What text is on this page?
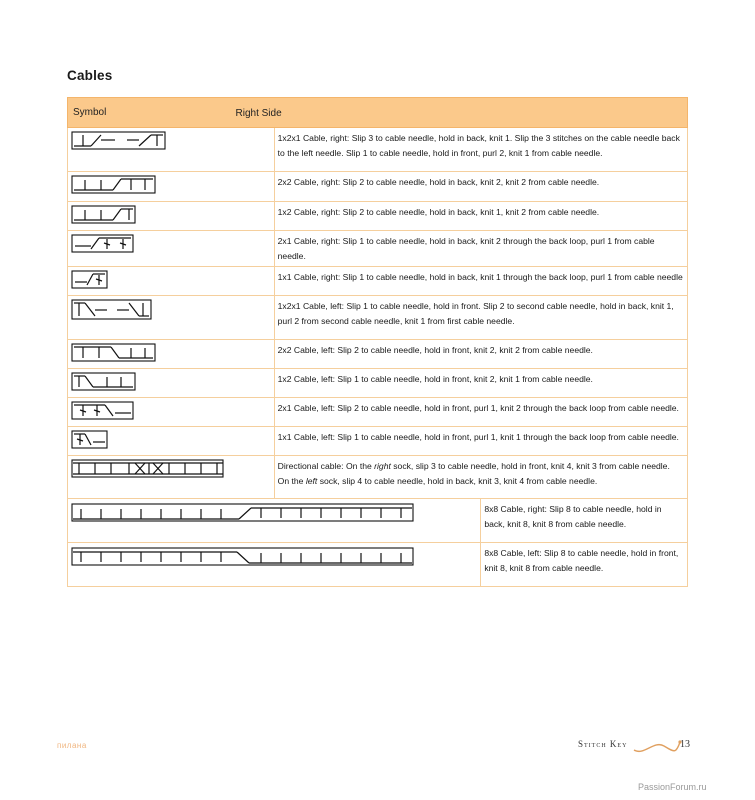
Cables
Symbol Right Side		

	1x2x1 Cable, right: Slip 3 to cable needle, hold in back, knit 1. Slip the 3 stitches on the cable needle back to the left needle. Slip 1 to cable needle, hold in front, purl 2, knit 1 from cable needle.	

	2x2 Cable, right: Slip 2 to cable needle, hold in back, knit 2, knit 2 from cable needle.	

	1x2 Cable, right: Slip 2 to cable needle, hold in back, knit 1, knit 2 from cable needle.	

	2x1 Cable, right: Slip 1 to cable needle, hold in back, knit 2 through the back loop, purl 1 from cable needle.	

	1x1 Cable, right: Slip 1 to cable needle, hold in back, knit 1 through the back loop, purl 1 from cable needle	

	1x2x1 Cable, left: Slip 1 to cable needle, hold in front. Slip 2 to second cable needle, hold in back, knit 1, purl 2 from second cable needle, knit 1 from first cable needle.	

	2x2 Cable, left: Slip 2 to cable needle, hold in front, knit 2, knit 2 from cable needle.	

	1x2 Cable, left: Slip 1 to cable needle, hold in front, knit 2, knit 1 from cable needle.	

	2x1 Cable, left: Slip 2 to cable needle, hold in front, purl 1, knit 2 through the back loop from cable needle.	

	1x1 Cable, left: Slip 1 to cable needle, hold in front, purl 1, knit 1 through the back loop from cable needle.	

	Directional cable: On the right sock, slip 3 to cable needle, hold in front, knit 4, knit 3 from cable needle. On the left sock, slip 4 to cable needle, hold in back, knit 3, knit 4 from cable needle.	

	8x8 Cable, right: Slip 8 to cable needle, hold in back, knit 8, knit 8 from cable needle.

	8x8 Cable, left: Slip 8 to cable needle, hold in front, knit 8, knit 8 from cable needle.
пилана	Stitch Key	13
PassionForum.ru
